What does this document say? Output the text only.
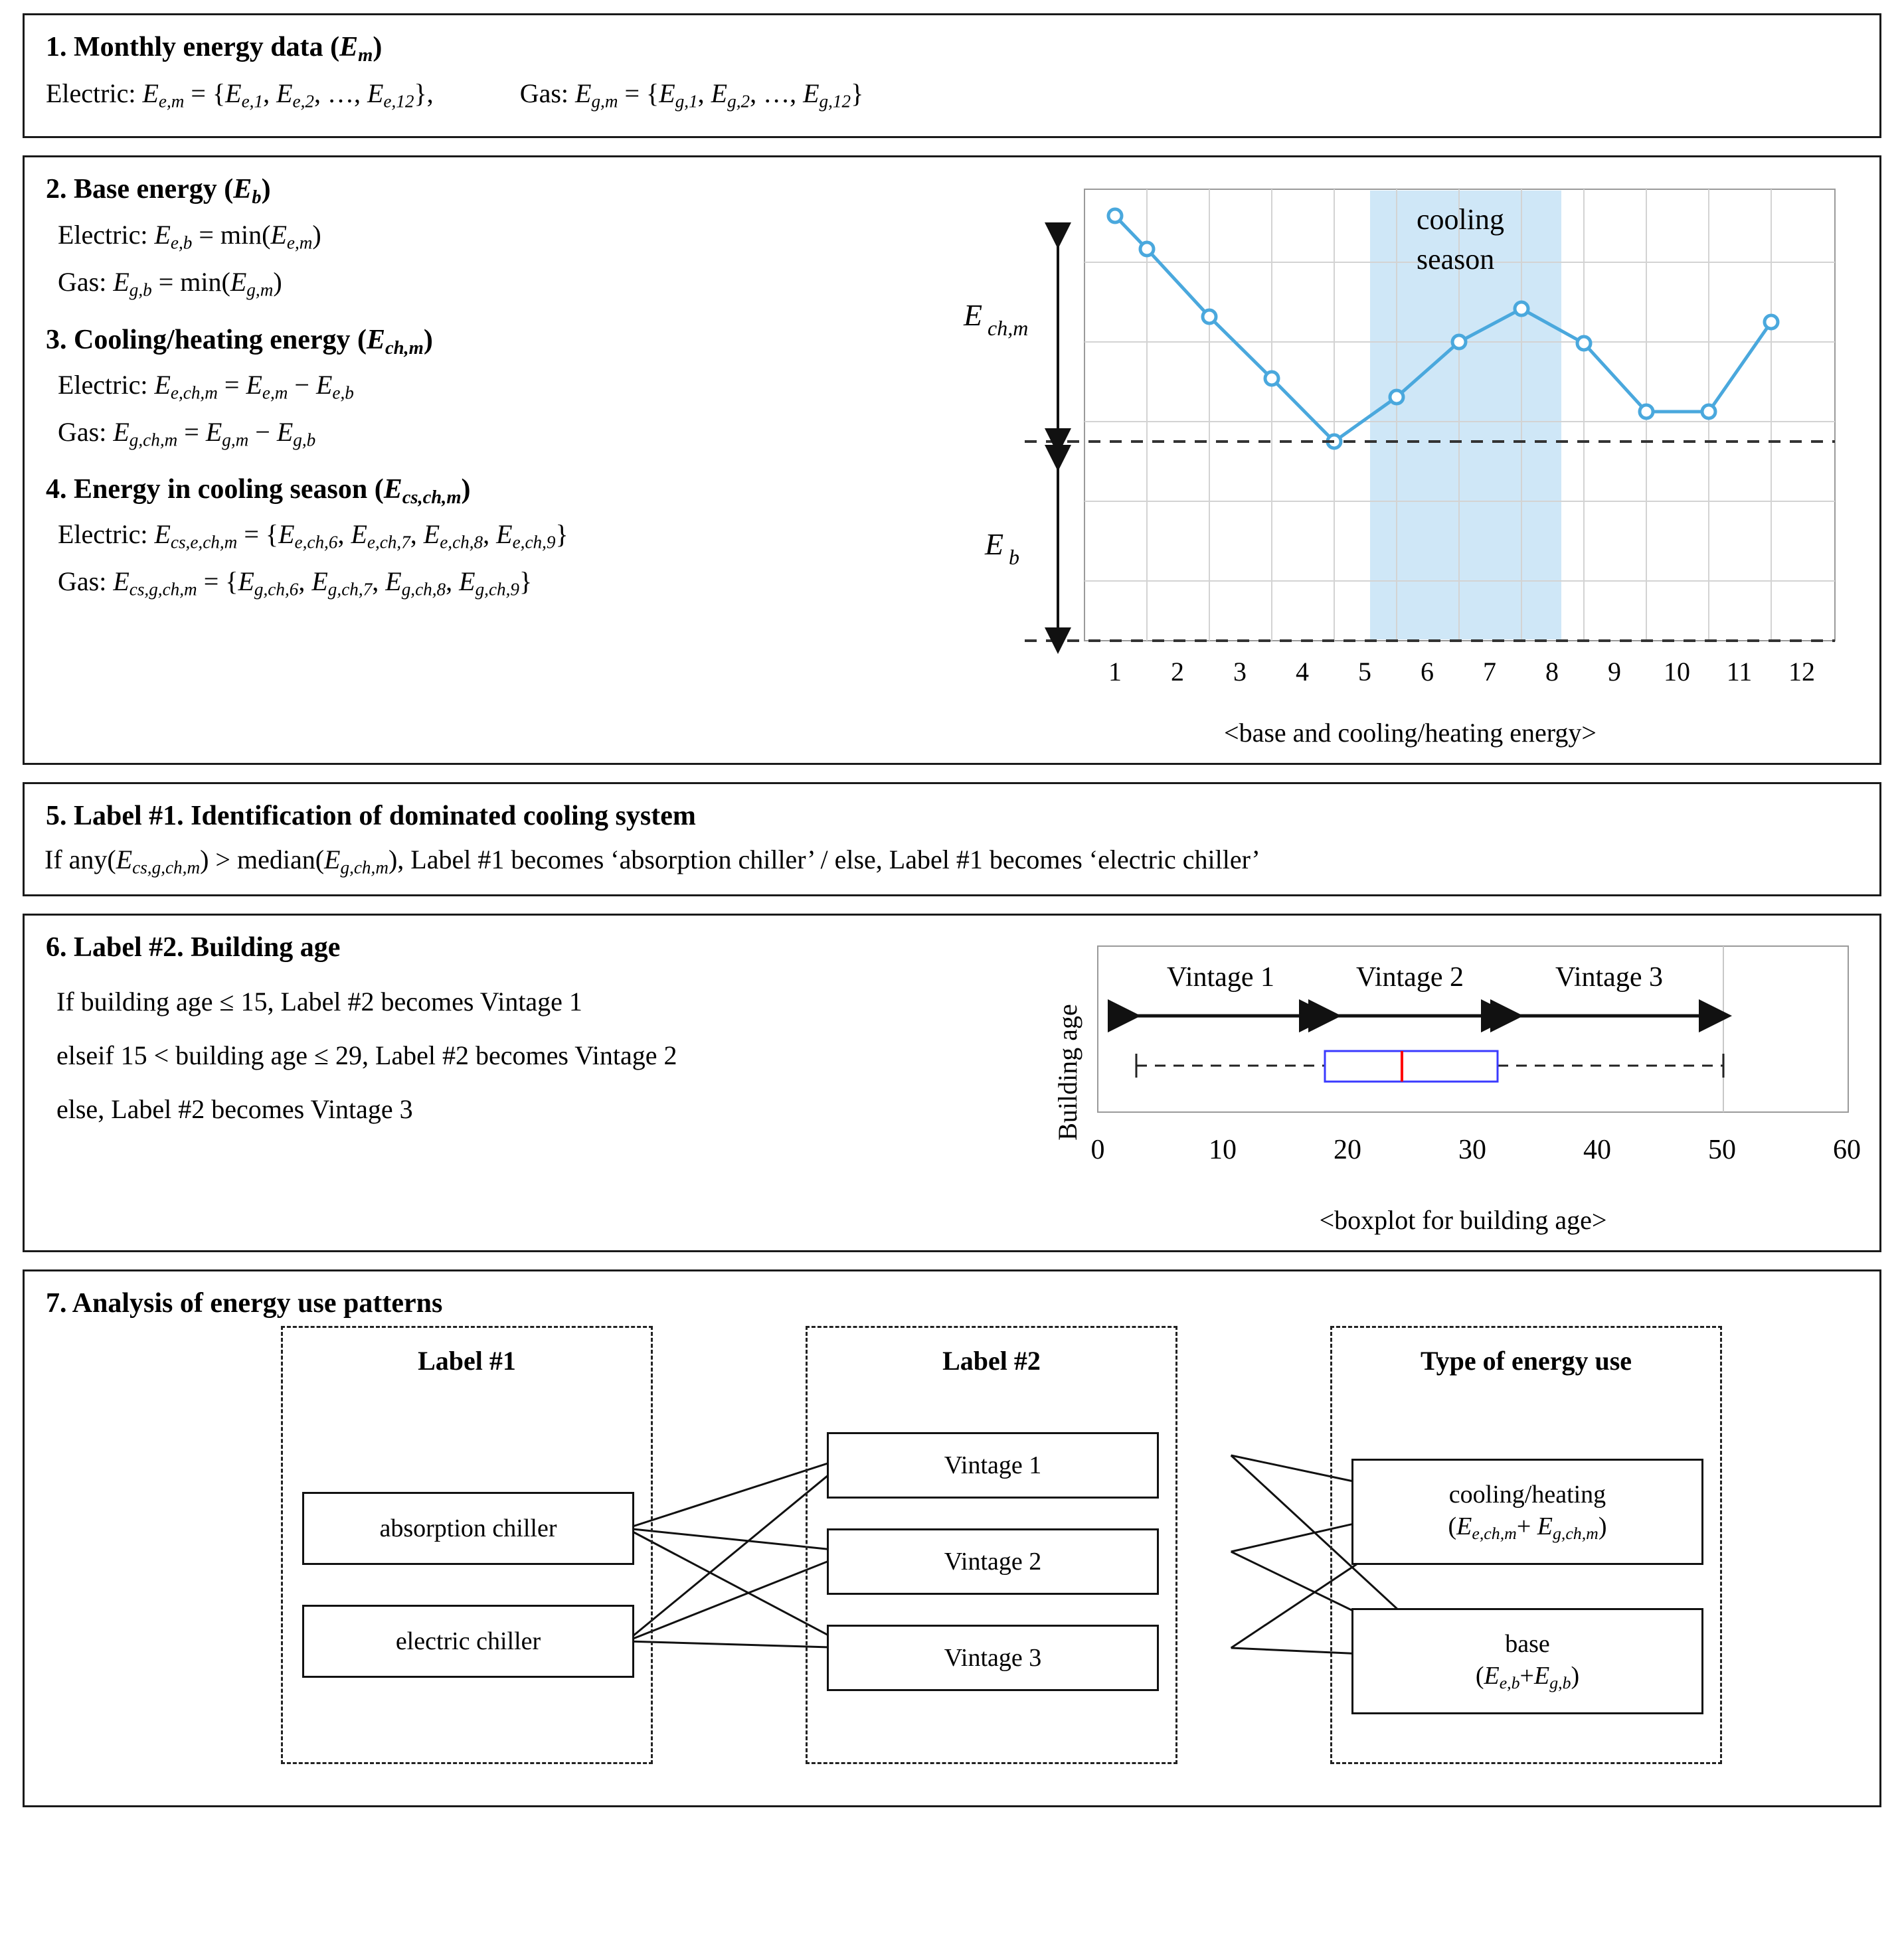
1. Monthly energy data $(E_m)$
Electric: $E_{e,m} = \{E_{e,1}$, $E_{e,2}$, …, $E_{e,12}$},	Gas: $E_{g,m} = \{E_{g,1}$, $E_{g,2}$, …, $E_{g,12}$}
2. Base energy $(E_b)$
Electric: $E_{e,b} = \min(E_{e,m})$
Gas: $E_{g,b} = \min(E_{g,m})$
3. Cooling/heating energy $(E_{ch,m})$
Electric: $E_{e,ch,m} = E_{e,m} - E_{e,b}$
Gas: $E_{g,ch,m} = E_{g,m} - E_{g,b}$
4. Energy in cooling season $(E_{cs,ch,m})$
Electric: $E_{cs,e,ch,m} = \{E_{e,ch,6}$, $E_{e,ch,7}$, $E_{e,ch,8}$, $E_{e,ch,9}$}
Gas: $E_{cs,g,ch,m} = \{E_{g,ch,6}$, $E_{g,ch,7}$, $E_{g,ch,8}$, $E_{g,ch,9}$}
E ch,m
E b
cooling
season
1 2 3 4 5 6 7 8 9 10 11 12
<base and cooling/heating energy>
5. Label #1. Identification of dominated cooling system
If $any(E_{cs,g,ch,m})$ > $median(E_{g,ch,m})$, Label #1 becomes ‘absorption chiller’ / else, Label #1 becomes ‘electric chiller’
6. Label #2. Building age
If building age ≤ 15, Label #2 becomes Vintage 1
elseif 15 < building age ≤ 29, Label #2 becomes Vintage 2
else, Label #2 becomes Vintage 3	Building age
Vintage 1	Vintage 2	Vintage 3
0	10	20	30	40	50	60
<boxplot for building age>
7. Analysis of energy use patterns
Label #1
absorption chiller
electric chiller
Label #2
Vintage 1
Vintage 2
Vintage 3
Type of energy use
cooling/heating
$(E_{e,ch,m}+ E_{g,ch,m})$
base
$(E_{e,b}+E_{g,b})$
